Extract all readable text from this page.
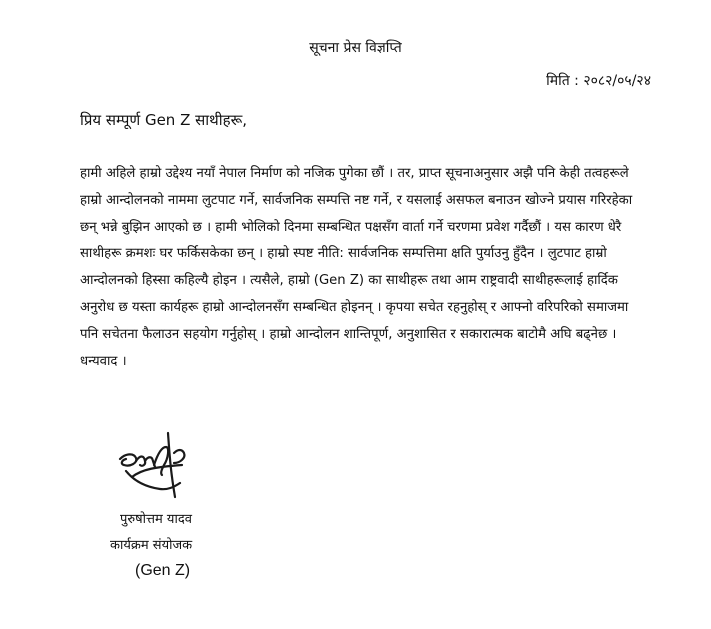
सूचना प्रेस विज्ञप्ति
मिति : २०८२/०५/२४
प्रिय सम्पूर्ण Gen Z साथीहरू,
हामी अहिले हाम्रो उद्देश्य नयाँ नेपाल निर्माण को नजिक पुगेका छौं । तर, प्राप्त सूचनाअनुसार अझै पनि केही तत्वहरूले
हाम्रो आन्दोलनको नाममा लुटपाट गर्ने, सार्वजनिक सम्पत्ति नष्ट गर्ने, र यसलाई असफल बनाउन खोज्ने प्रयास गरिरहेका
छन् भन्ने बुझिन आएको छ । हामी भोलिको दिनमा सम्बन्धित पक्षसँग वार्ता गर्ने चरणमा प्रवेश गर्दैछौं । यस कारण धेरै
साथीहरू क्रमशः घर फर्किसकेका छन् । हाम्रो स्पष्ट नीति: सार्वजनिक सम्पत्तिमा क्षति पुर्याउनु हुँदैन । लुटपाट हाम्रो
आन्दोलनको हिस्सा कहिल्यै होइन । त्यसैले, हाम्रो (Gen Z) का साथीहरू तथा आम राष्ट्रवादी साथीहरूलाई हार्दिक
अनुरोध छ यस्ता कार्यहरू हाम्रो आन्दोलनसँग सम्बन्धित होइनन् । कृपया सचेत रहनुहोस् र आफ्नो वरिपरिको समाजमा
पनि सचेतना फैलाउन सहयोग गर्नुहोस् । हाम्रो आन्दोलन शान्तिपूर्ण, अनुशासित र सकारात्मक बाटोमै अघि बढ्नेछ ।
धन्यवाद ।
पुरुषोत्तम यादव
कार्यक्रम संयोजक
(Gen Z)
